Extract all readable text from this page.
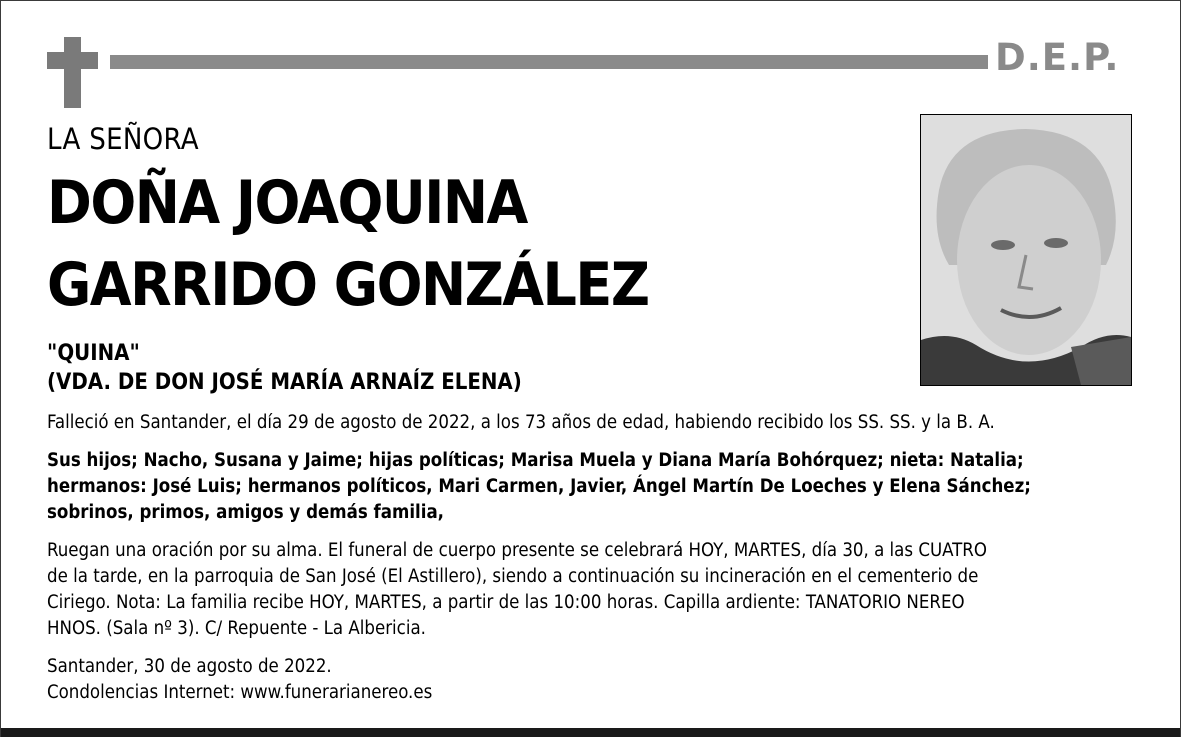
D.E.P.
LA SEÑORA
DOÑA JOAQUINA
GARRIDO GONZÁLEZ
"QUINA"
(VDA. DE DON JOSÉ MARÍA ARNAÍZ ELENA)
Falleció en Santander, el día 29 de agosto de 2022, a los 73 años de edad, habiendo recibido los SS. SS. y la B. A.
Sus hijos; Nacho, Susana y Jaime; hijas políticas; Marisa Muela y Diana María Bohórquez; nieta: Natalia;
hermanos: José Luis; hermanos políticos, Mari Carmen, Javier, Ángel Martín De Loeches y Elena Sánchez;
sobrinos, primos, amigos y demás familia,
Ruegan una oración por su alma. El funeral de cuerpo presente se celebrará HOY, MARTES, día 30, a las CUATRO
de la tarde, en la parroquia de San José (El Astillero), siendo a continuación su incineración en el cementerio de
Ciriego. Nota: La familia recibe HOY, MARTES, a partir de las 10:00 horas. Capilla ardiente: TANATORIO NEREO
HNOS. (Sala nº 3). C/ Repuente - La Albericia.
Santander, 30 de agosto de 2022.
Condolencias Internet: www.funerarianereo.es
